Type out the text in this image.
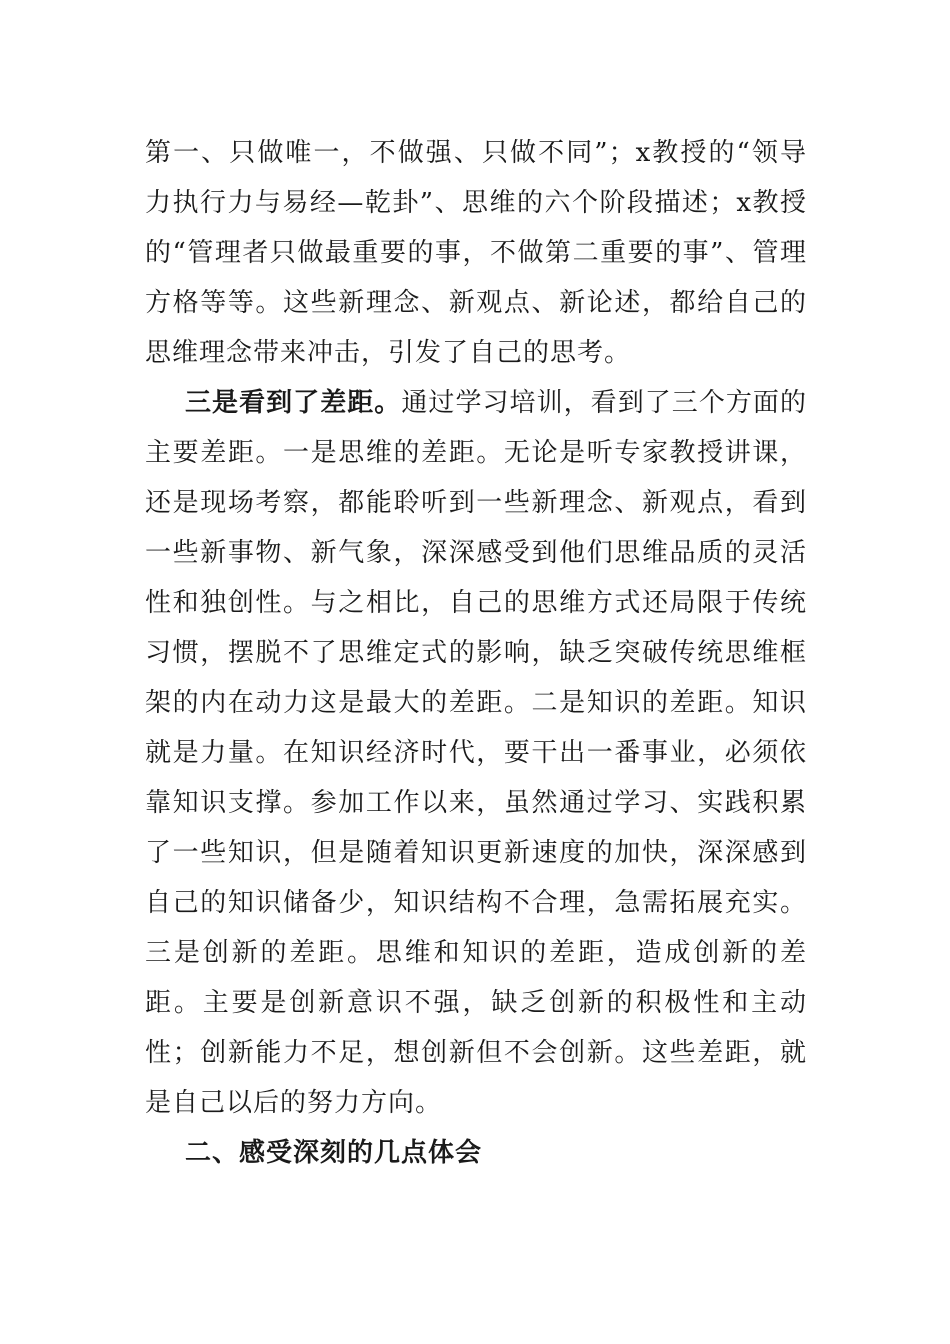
第一、只做唯一，不做强、只做不同”；x教授的“领导力执行力与易经—乾卦”、思维的六个阶段描述；x教授的“管理者只做最重要的事，不做第二重要的事”、管理方格等等。这些新理念、新观点、新论述，都给自己的思维理念带来冲击，引发了自己的思考。

三是看到了差距。通过学习培训，看到了三个方面的主要差距。一是思维的差距。无论是听专家教授讲课，还是现场考察，都能聆听到一些新理念、新观点，看到一些新事物、新气象，深深感受到他们思维品质的灵活性和独创性。与之相比，自己的思维方式还局限于传统习惯，摆脱不了思维定式的影响，缺乏突破传统思维框架的内在动力这是最大的差距。二是知识的差距。知识就是力量。在知识经济时代，要干出一番事业，必须依靠知识支撑。参加工作以来，虽然通过学习、实践积累了一些知识，但是随着知识更新速度的加快，深深感到自己的知识储备少，知识结构不合理，急需拓展充实。三是创新的差距。思维和知识的差距，造成创新的差距。主要是创新意识不强，缺乏创新的积极性和主动性；创新能力不足，想创新但不会创新。这些差距，就是自己以后的努力方向。

二、感受深刻的几点体会
